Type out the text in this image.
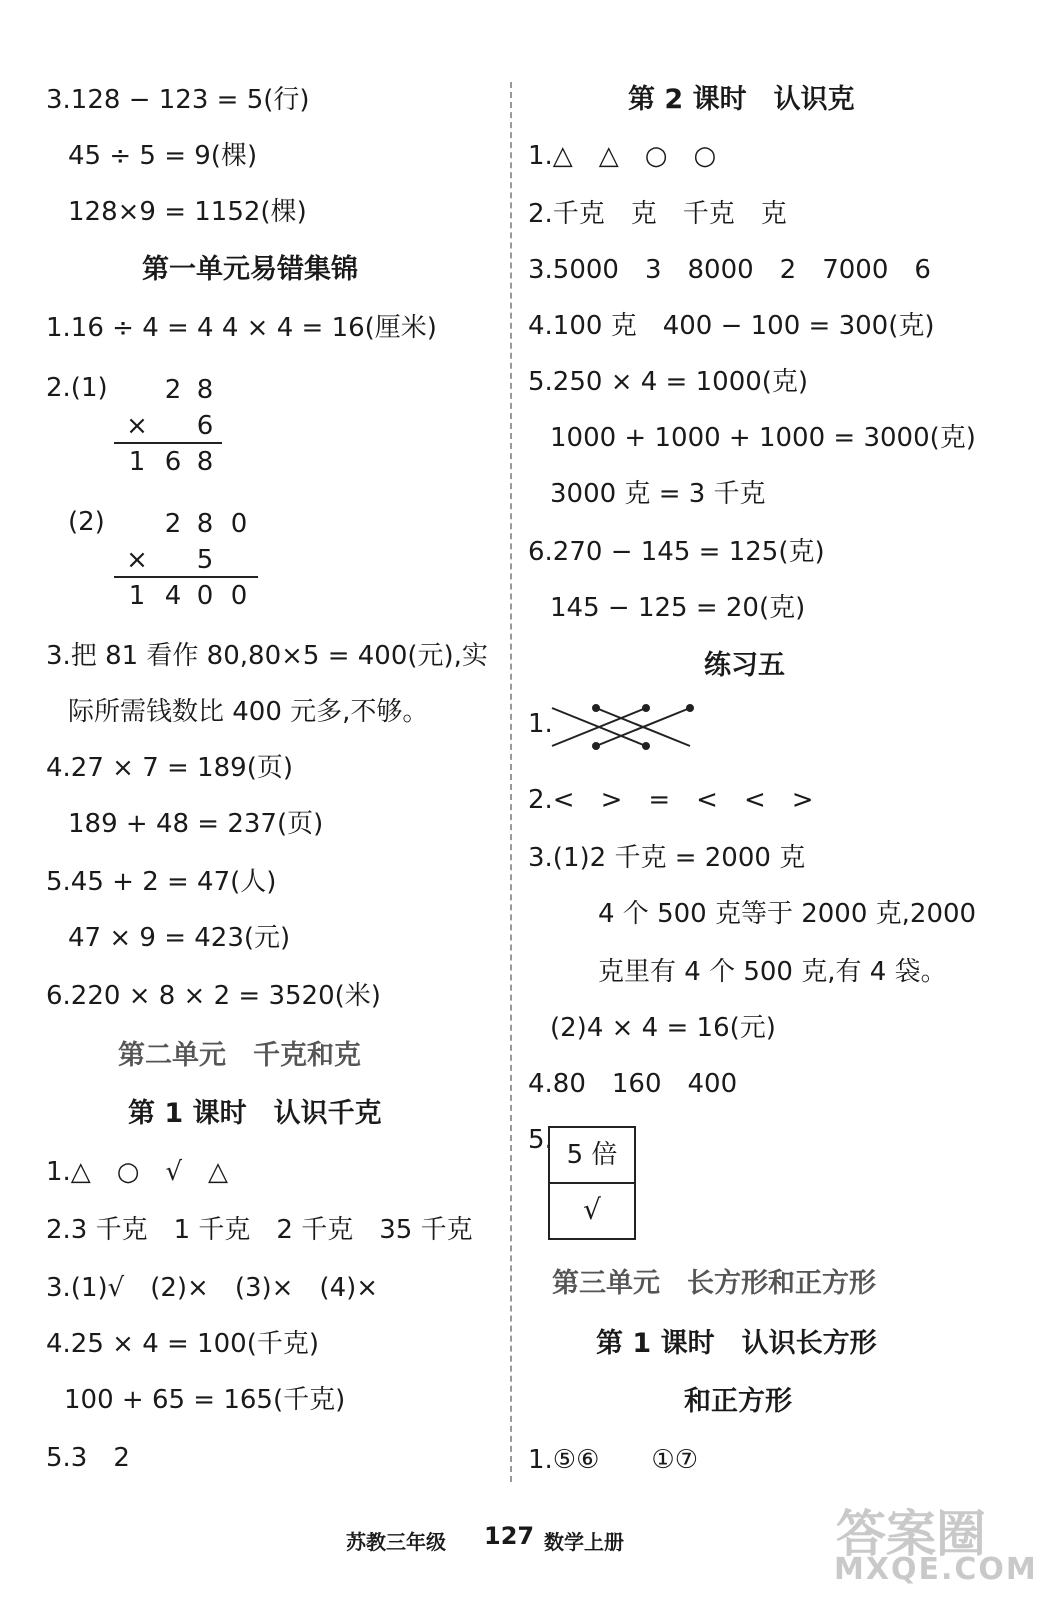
3.128 − 123 = 5(行)
45 ÷ 5 = 9(棵)
128×9 = 1152(棵)
第一单元易错集锦
1.16 ÷ 4 = 4 4 × 4 = 16(厘米)
2.(1)	2 8
×	6
1 6 8
(2)	2 8 0
×	5
1 4 0 0
3.把 81 看作 80,80×5 = 400(元),实
际所需钱数比 400 元多,不够。
4.27 × 7 = 189(页)
189 + 48 = 237(页)
5.45 + 2 = 47(人)
47 × 9 = 423(元)
6.220 × 8 × 2 = 3520(米)
第二单元　千克和克
第 1 课时　认识千克
1.△　○　√　△
2.3 千克　1 千克　2 千克　35 千克
3.(1)√　(2)×　(3)×　(4)×
4.25 × 4 = 100(千克)
100 + 65 = 165(千克)
5.3　2
第 2 课时　认识克
1.△　△　○　○
2.千克　克　千克　克
3.5000　3　8000　2　7000　6
4.100 克　400 − 100 = 300(克)
5.250 × 4 = 1000(克)
1000 + 1000 + 1000 = 3000(克)
3000 克 = 3 千克
6.270 − 145 = 125(克)
145 − 125 = 20(克)
练习五
1.
2.<　>　=　<　<　>
3.(1)2 千克 = 2000 克
4 个 500 克等于 2000 克,2000
克里有 4 个 500 克,有 4 袋。
(2)4 × 4 = 16(元)
4.80　160　400
5. 5 倍
√
第三单元　长方形和正方形
第 1 课时　认识长方形
和正方形
1.⑤⑥　　①⑦
苏教三年级 127 数学上册	答案圈
MXQE.COM
